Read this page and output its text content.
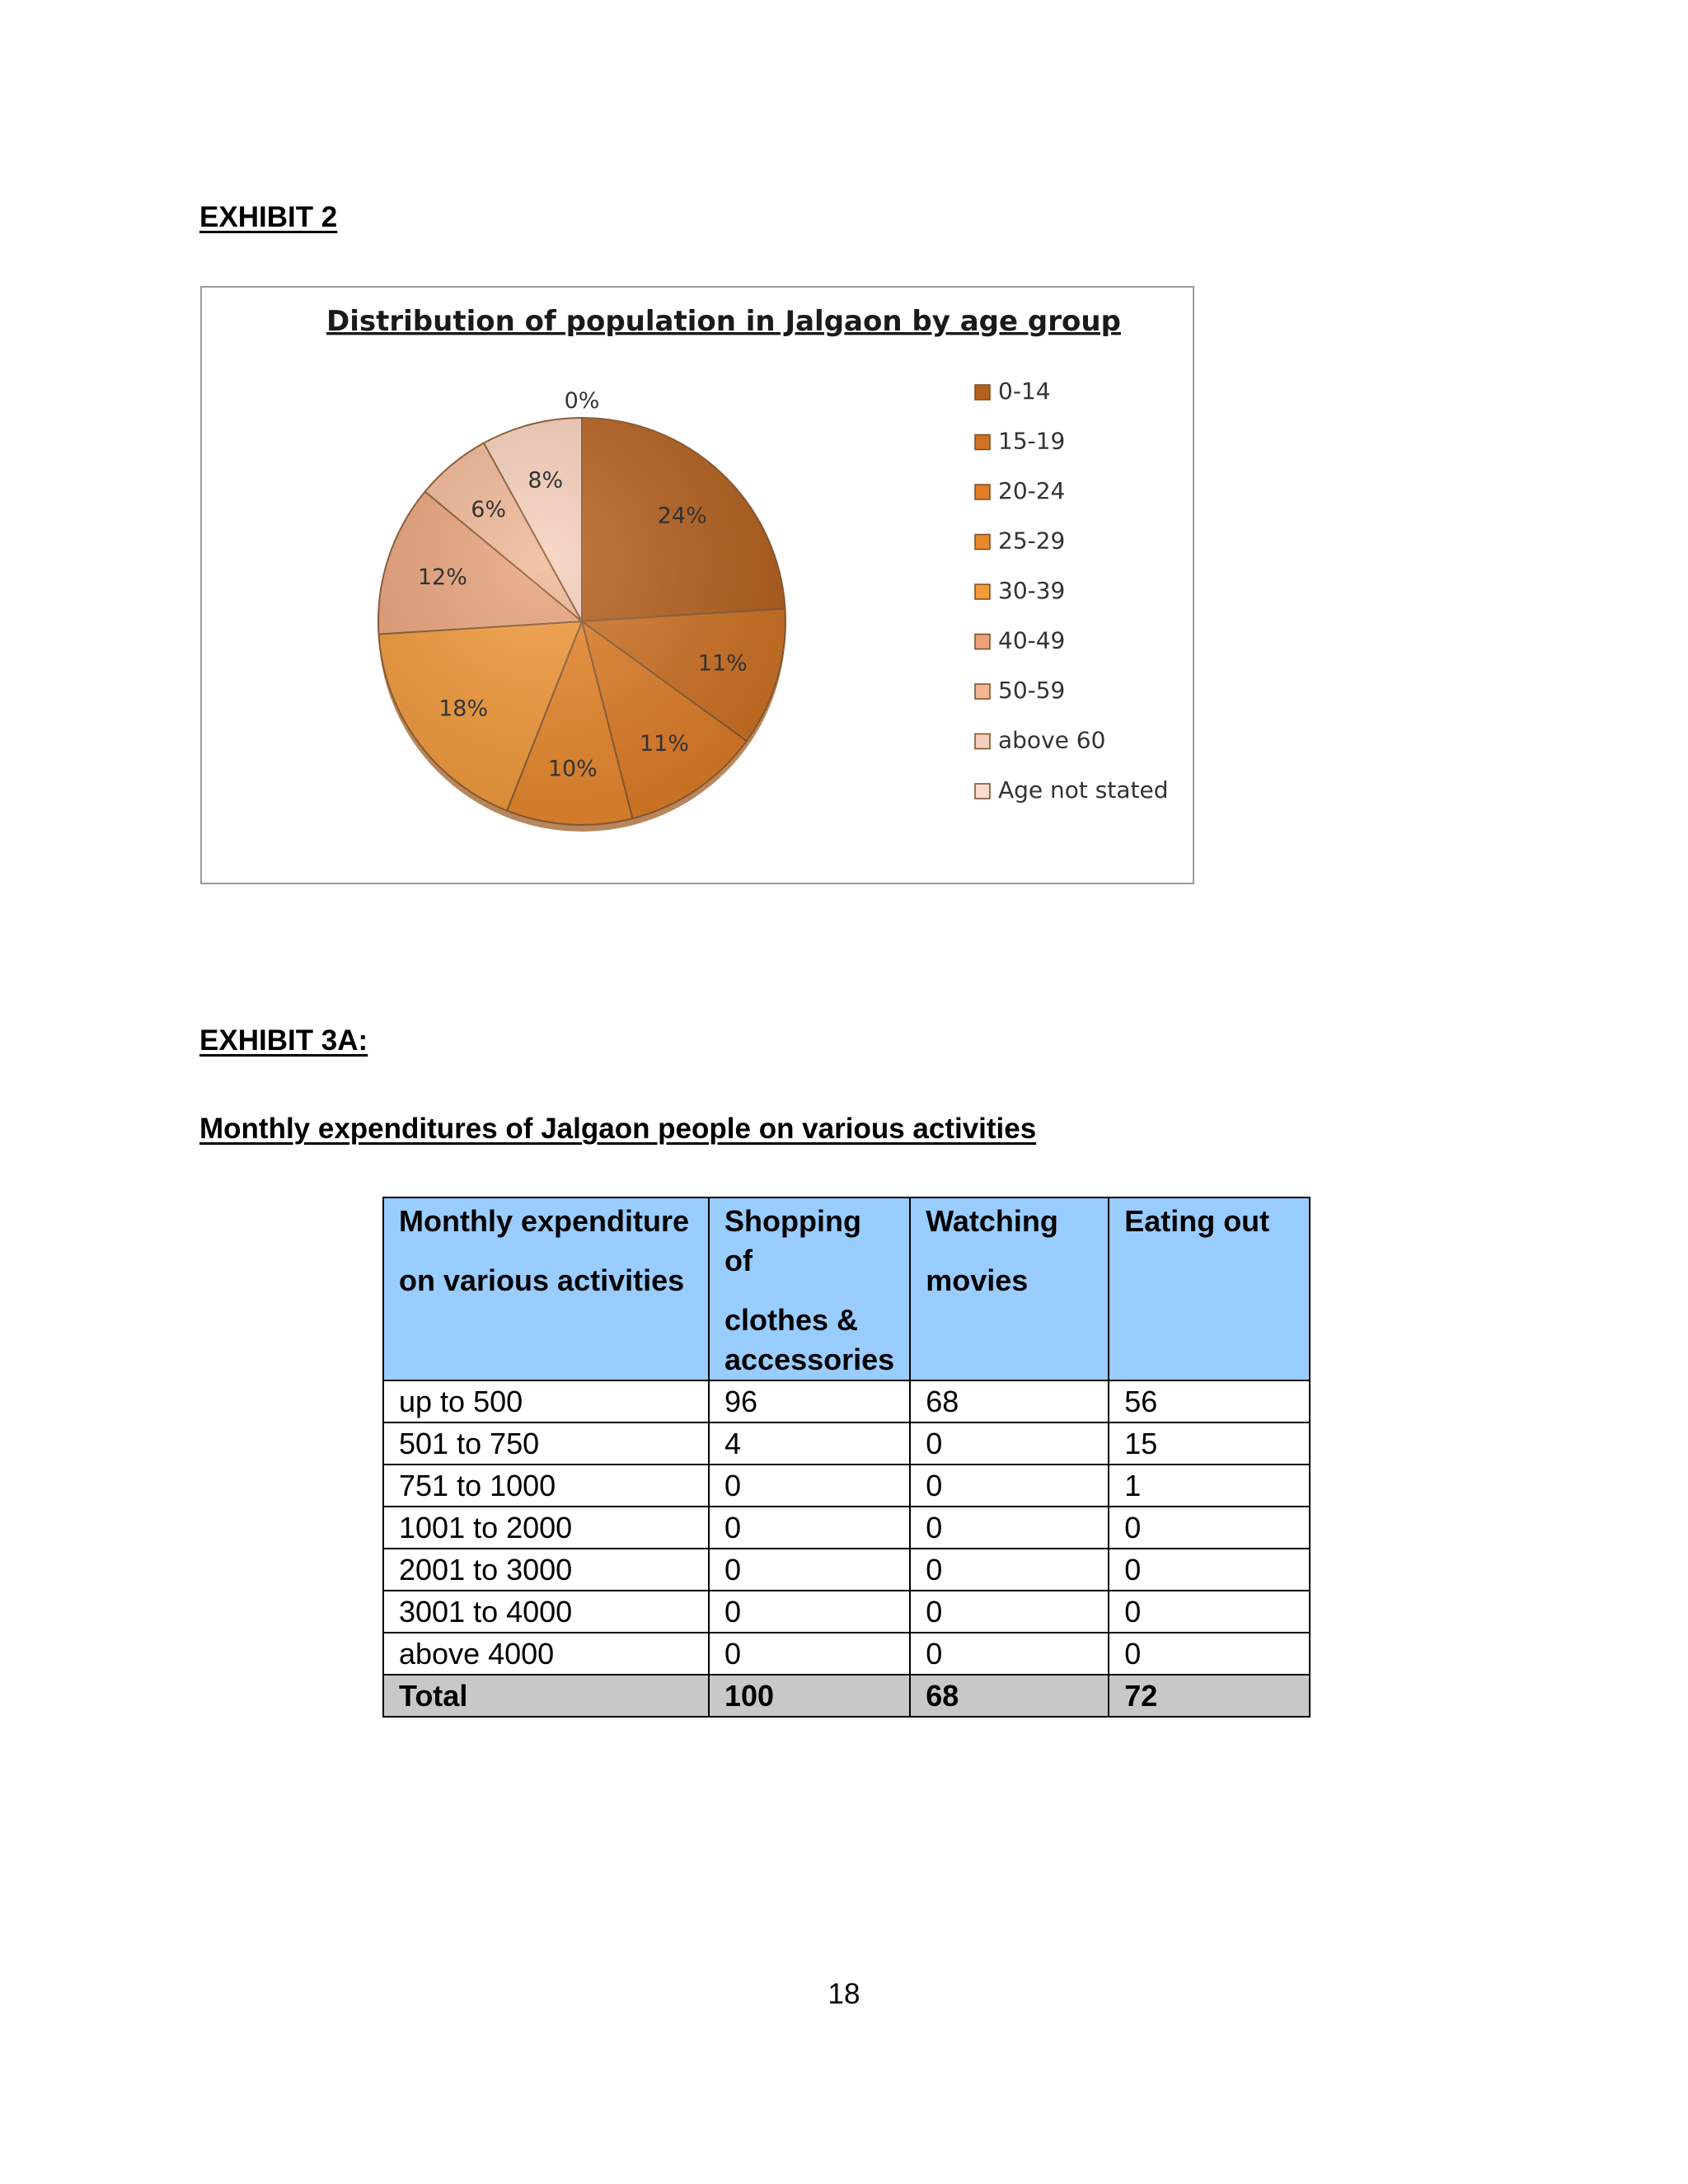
EXHIBIT 2
Distribution of population in Jalgaon by age group
24%
11%
11%
10%
18%
12%
6%
8%
0%	0-14
15-19
20-24
25-29
30-39
40-49
50-59
above 60
Age not stated
EXHIBIT 3A:
Monthly expenditures of Jalgaon people on various activities
Monthly expenditure
on various activities	Shopping of
clothes &
accessories	Watching
movies	Eating out

up to 500	96	68	56
501 to 750	4	0	15
751 to 1000	0	0	1
1001 to 2000	0	0	0
2001 to 3000	0	0	0
3001 to 4000	0	0	0
above 4000	0	0	0
Total	100	68	72
18
